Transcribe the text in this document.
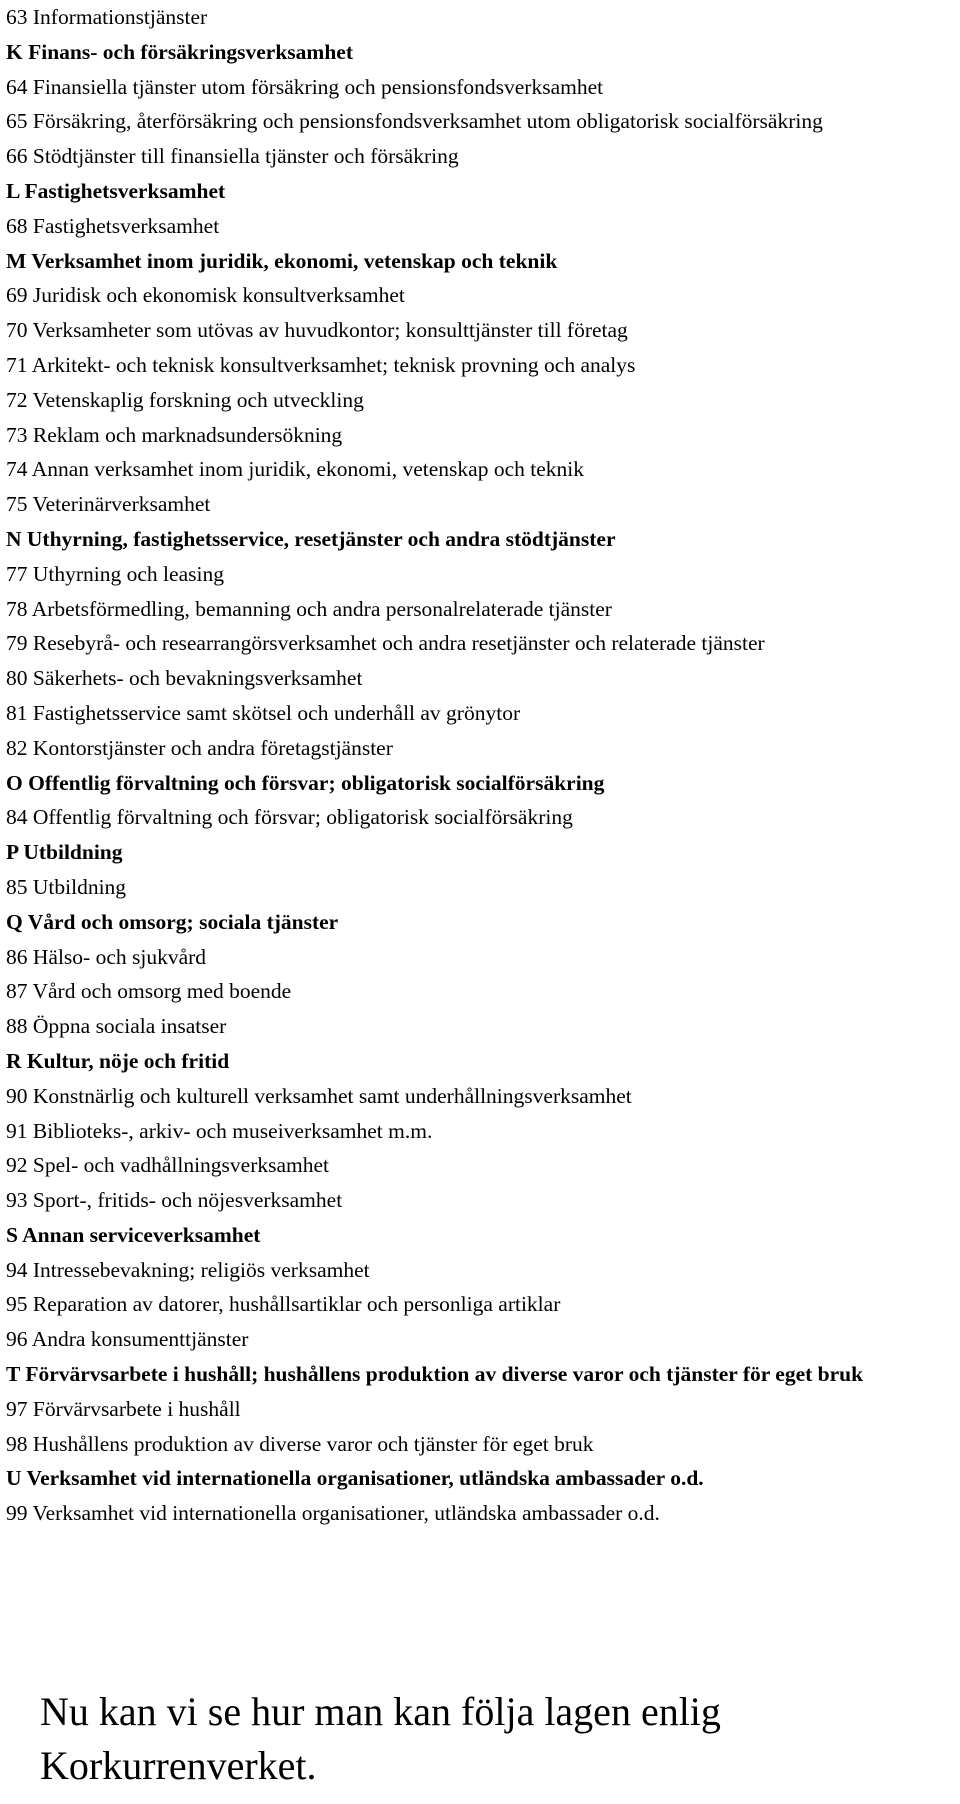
63 Informationstjänster
K Finans- och försäkringsverksamhet
64 Finansiella tjänster utom försäkring och pensionsfondsverksamhet
65 Försäkring, återförsäkring och pensionsfondsverksamhet utom obligatorisk socialförsäkring
66 Stödtjänster till finansiella tjänster och försäkring
L Fastighetsverksamhet
68 Fastighetsverksamhet
M Verksamhet inom juridik, ekonomi, vetenskap och teknik
69 Juridisk och ekonomisk konsultverksamhet
70 Verksamheter som utövas av huvudkontor; konsulttjänster till företag
71 Arkitekt- och teknisk konsultverksamhet; teknisk provning och analys
72 Vetenskaplig forskning och utveckling
73 Reklam och marknadsundersökning
74 Annan verksamhet inom juridik, ekonomi, vetenskap och teknik
75 Veterinärverksamhet
N Uthyrning, fastighetsservice, resetjänster och andra stödtjänster
77 Uthyrning och leasing
78 Arbetsförmedling, bemanning och andra personalrelaterade tjänster
79 Resebyrå- och researrangörsverksamhet och andra resetjänster och relaterade tjänster
80 Säkerhets- och bevakningsverksamhet
81 Fastighetsservice samt skötsel och underhåll av grönytor
82 Kontorstjänster och andra företagstjänster
O Offentlig förvaltning och försvar; obligatorisk socialförsäkring
84 Offentlig förvaltning och försvar; obligatorisk socialförsäkring
P Utbildning
85 Utbildning
Q Vård och omsorg; sociala tjänster
86 Hälso- och sjukvård
87 Vård och omsorg med boende
88 Öppna sociala insatser
R Kultur, nöje och fritid
90 Konstnärlig och kulturell verksamhet samt underhållningsverksamhet
91 Biblioteks-, arkiv- och museiverksamhet m.m.
92 Spel- och vadhållningsverksamhet
93 Sport-, fritids- och nöjesverksamhet
S Annan serviceverksamhet
94 Intressebevakning; religiös verksamhet
95 Reparation av datorer, hushållsartiklar och personliga artiklar
96 Andra konsumenttjänster
T Förvärvsarbete i hushåll; hushållens produktion av diverse varor och tjänster för eget bruk
97 Förvärvsarbete i hushåll
98 Hushållens produktion av diverse varor och tjänster för eget bruk
U Verksamhet vid internationella organisationer, utländska ambassader o.d.
99 Verksamhet vid internationella organisationer, utländska ambassader o.d.

Nu kan vi se hur man kan följa lagen enlig Korkurrenverket.
